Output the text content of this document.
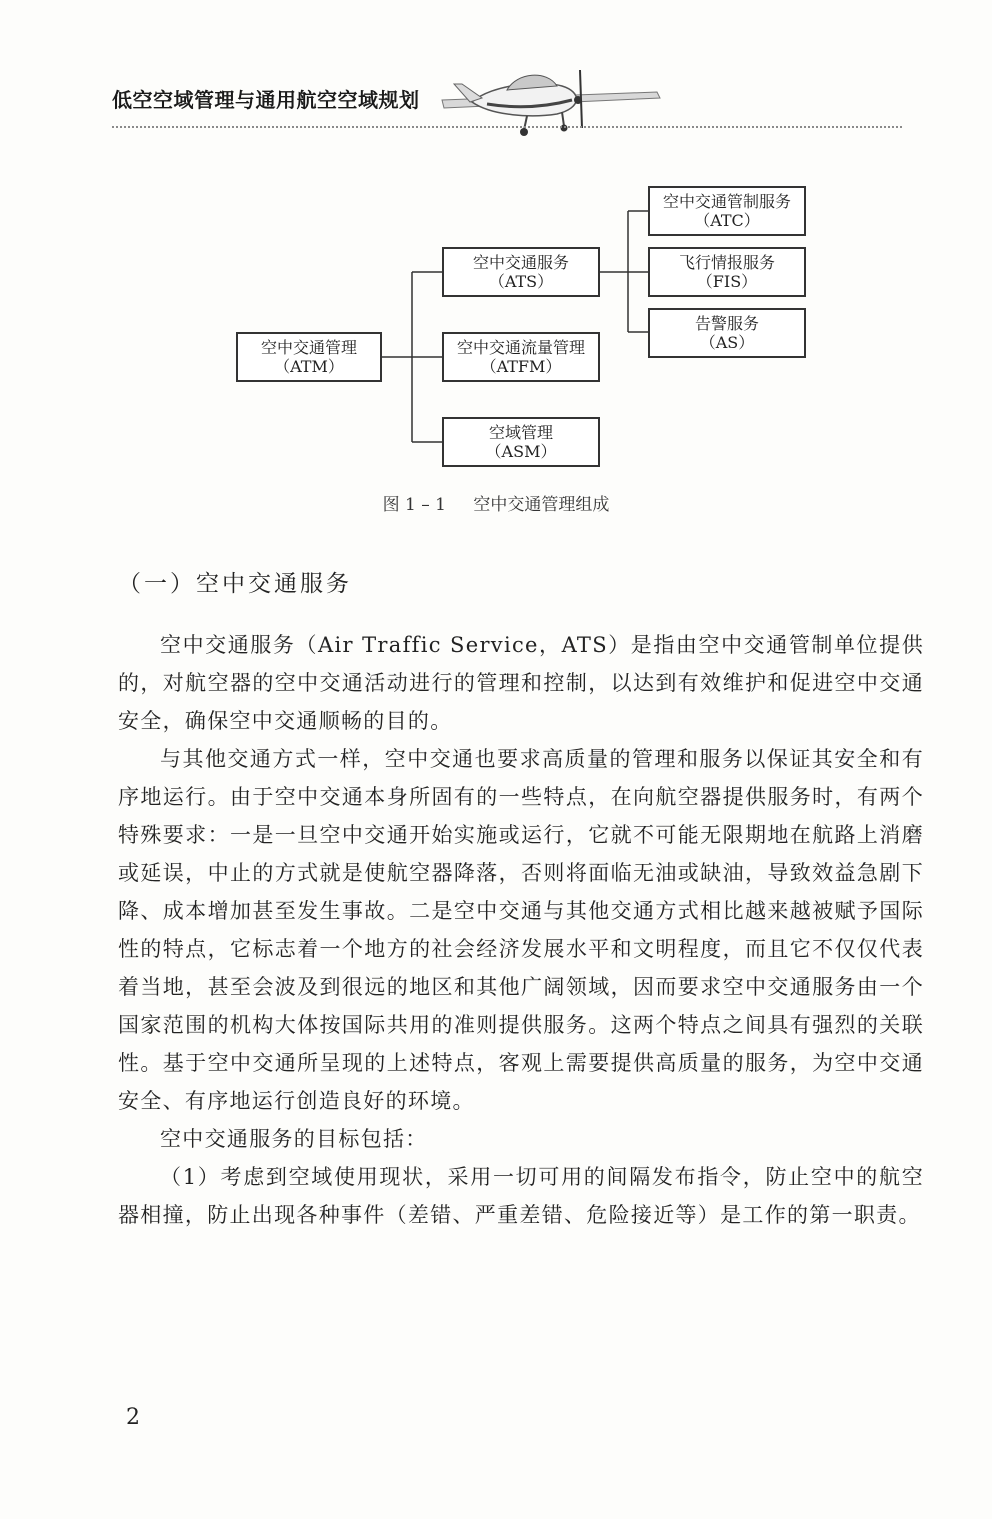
低空空域管理与通用航空空域规划
空中交通管理
（ATM）
空中交通服务
（ATS）
空中交通流量管理
（ATFM）
空域管理
（ASM）
空中交通管制服务
（ATC）
飞行情报服务
（FIS）
告警服务
（AS）
图 1 – 1 空中交通管理组成
（一）空中交通服务

空中交通服务（Air Traffic Service，ATS）是指由空中交通管制单位提供的，对航空器的空中交通活动进行的管理和控制，以达到有效维护和促进空中交通安全，确保空中交通顺畅的目的。

与其他交通方式一样，空中交通也要求高质量的管理和服务以保证其安全和有序地运行。由于空中交通本身所固有的一些特点，在向航空器提供服务时，有两个特殊要求：一是一旦空中交通开始实施或运行，它就不可能无限期地在航路上消磨或延误，中止的方式就是使航空器降落，否则将面临无油或缺油，导致效益急剧下降、成本增加甚至发生事故。二是空中交通与其他交通方式相比越来越被赋予国际性的特点，它标志着一个地方的社会经济发展水平和文明程度，而且它不仅仅代表着当地，甚至会波及到很远的地区和其他广阔领域，因而要求空中交通服务由一个国家范围的机构大体按国际共用的准则提供服务。这两个特点之间具有强烈的关联性。基于空中交通所呈现的上述特点，客观上需要提供高质量的服务，为空中交通安全、有序地运行创造良好的环境。

空中交通服务的目标包括：

（1）考虑到空域使用现状，采用一切可用的间隔发布指令，防止空中的航空器相撞，防止出现各种事件（差错、严重差错、危险接近等）是工作的第一职责。

2
